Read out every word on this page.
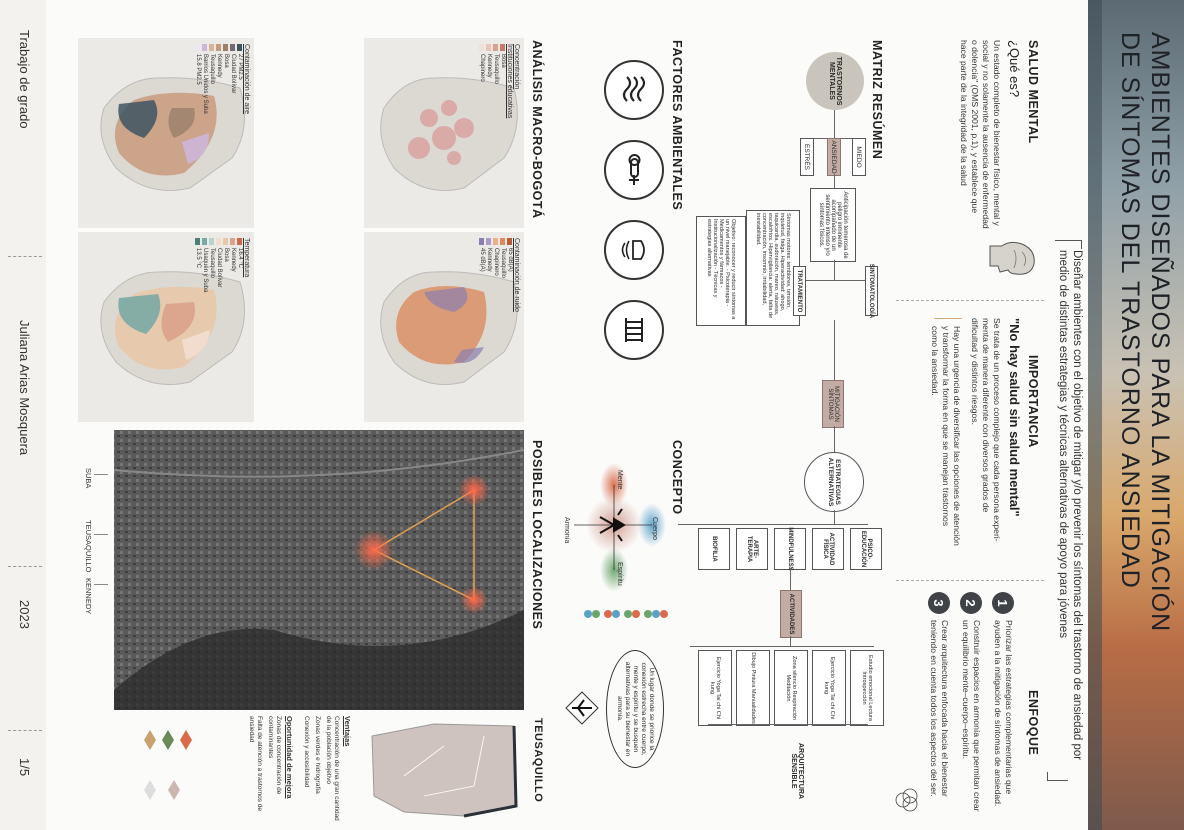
AMBIENTES DISEÑADOS PARA LA MITIGACIÓN
DE SÍNTOMAS DEL TRASTORNO ANSIEDAD
Diseñar ambientes con el objetivo de mitigar y/o prevenir los síntomas del trastorno de ansiedad por medio de distintas estrategias y técnicas alternativas de apoyo para jóvenes
SALUD MENTAL
¿Qué es?
Un estado completo de bienestar físico, mental y social y no solamente la ausencia de enfermedad o dolencia" (OMS 2001, p.1), y establece que hace parte de la integridad de la salud
IMPORTANCIA
"No hay salud sin salud mental"
Se trata de un proceso complejo que cada persona experi-menta de manera diferente con diversos grados de dificultad y distintos riesgos.
Hay una urgencia de diversificar las opciones de atención y transformar la forma en que se manejan trastornos como la ansiedad.
ENFOQUE
1
Priorizar las estrategias complementarias que ayuden a la mitigación de síntomas de ansiedad.
2
Construir espacios en armonía que permitan crear un equilibrio mente–cuerpo–espíritu.
3
Crear arquitectura enfocada hacia el bienestar teniendo en cuenta todos los aspectos del ser.
MATRIZ RESÚMEN
TRASTORNOS MENTALES
MIEDO
ANSIEDAD
ESTRÉS
Anticipación temerosa de peligro inminente acompañado de un sentimiento intenso y/o síntomas físicos.
SINTOMATOLOGÍA
Síntomas motores: temblores, tensión, inquietud, fatiga. Hiperactividad: ahogo, taquicardia, sudoración, mareo, náuseas, escalofríos. Hipervigilancia: alerta, falta de concentración, insomnio, irritabilidad, inestabilidad.
TRATAMIENTO
Objetivo: reconocer y reducir síntomas a un nivel manejable. - Psicoterapia - Medicamentos y fármacos - Institucionalización - Técnicas y estrategias alternativas
MITIGACIÓN SÍNTOMAS
ESTRATEGIAS ALTERNATIVAS
PSICO-EDUCACIÓN
ACTIVIDAD FÍSICA
MINDFULNESS
ARTE-TERAPIA
BIOFILIA
ACTIVIDADES
Estudio emocional Lectura Introspección
Ejercicio Yoga Tai chi Chi kung
Zona silencio Respiración Meditación
Dibujo Pintura Manualidades
Ejercicio Yoga Tai chi Chi kung
ARQUITECTURA SENSIBLE
FACTORES AMBIENTALES
CONCEPTO
Mente
Cuerpo
Espíritu
Armonía
Un lugar donde se priorice la conexión estrecha entre cuerpo, mente y espíritu y se busquen alternativas para su bienestar en armonía.
ANÁLISIS MACRO-BOGOTÁ
Concentración Instituciones educativas
Bosa
Teusaquillo
Kennedy
Chapinero
Contaminación de ruido
65 dB(A)
Teusaquillo
Chapinero
Kennedy
45 dB(A)
Contaminación de aire
27 PM2.5
Ciudad Bolívar
Bosa
Kennedy
Teusaquillo
Barrios Unidos y Suba
15.8 PM2.5
Temperatura
16.4 °C
Kennedy
Bosa
Ciudad Bolívar
Teusaquillo
Usaquén y Suba
13.5 °C
POSIBLES LOCALIZACIONES
SUBA
TEUSAQUILLO
KENNEDY
TEUSAQUILLO
Ventajas
Concentración de una gran cantidad de la población objetivo
Zonas verdes e hidrografía
Conexión y accesibilidad
Oportunidad de mejora
Zonas de concentración de contaminantes
Falta de atención a trastornos de ansiedad
Trabajo de grado
Juliana Arias Mosquera
2023
1/5
